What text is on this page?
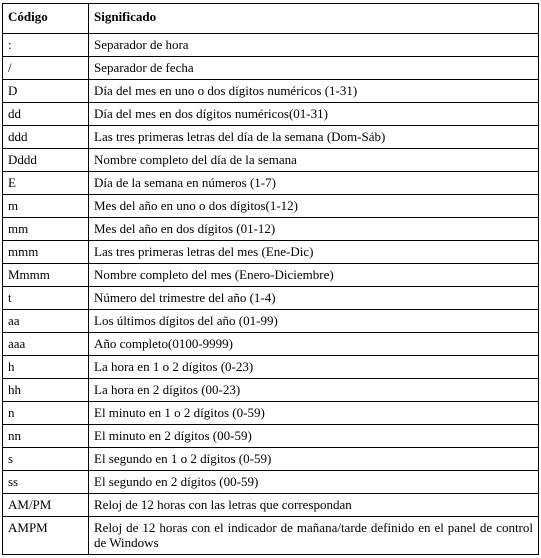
Código	Significado
:	Separador de hora
/	Separador de fecha
D	Día del mes en uno o dos dígitos numéricos (1-31)
dd	Día del mes en dos dígitos numéricos(01-31)
ddd	Las tres primeras letras del día de la semana (Dom-Sáb)
Dddd	Nombre completo del día de la semana
E	Día de la semana en números (1-7)
m	Mes del año en uno o dos dígitos(1-12)
mm	Mes del año en dos dígitos (01-12)
mmm	Las tres primeras letras del mes (Ene-Dic)
Mmmm	Nombre completo del mes (Enero-Diciembre)
t	Número del trimestre del año (1-4)
aa	Los últimos dígitos del año (01-99)
aaa	Año completo(0100-9999)
h	La hora en 1 o 2 dígitos (0-23)
hh	La hora en 2 dígitos (00-23)
n	El minuto en 1 o 2 dígitos (0-59)
nn	El minuto en 2 dígitos (00-59)
s	El segundo en 1 o 2 dígitos (0-59)
ss	El segundo en 2 dígitos (00-59)
AM/PM	Reloj de 12 horas con las letras que correspondan
AMPM	Reloj de 12 horas con el indicador de mañana/tarde definido en el panel de control de Windows
